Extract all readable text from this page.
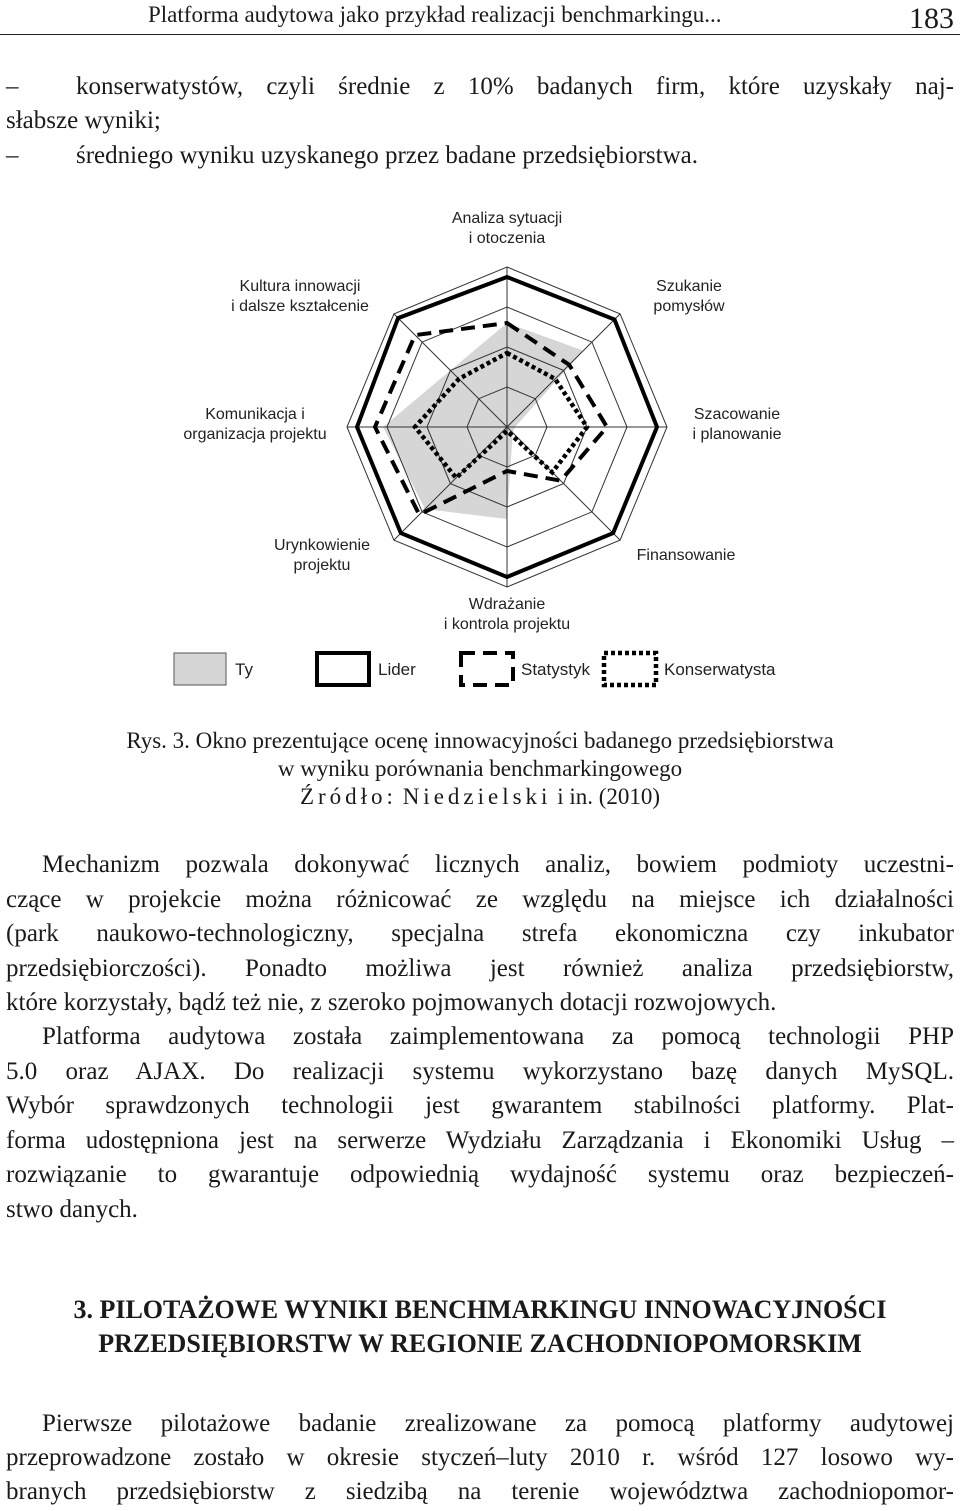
Platforma audytowa jako przykład realizacji benchmarkingu...	183
– konserwatystów, czyli średnie z 10% badanych firm, które uzyskały naj-
słabsze wyniki;
– średniego wyniku uzyskanego przez badane przedsiębiorstwa.
Analiza sytuacji
i otoczenia
Szukanie
pomysłów
Szacowanie
i planowanie
Finansowanie
Wdrażanie
i kontrola projektu
Urynkowienie
projektu
Komunikacja i
organizacja projektu
Kultura innowacji
i dalsze kształcenie
Ty	Lider	Statystyk	Konserwatysta
Rys. 3. Okno prezentujące ocenę innowacyjności badanego przedsiębiorstwa
w wyniku porównania benchmarkingowego
Źródło: Niedzielski i in. (2010)
Mechanizm pozwala dokonywać licznych analiz, bowiem podmioty uczestni-
czące w projekcie można różnicować ze względu na miejsce ich działalności
(park naukowo-technologiczny, specjalna strefa ekonomiczna czy inkubator
przedsiębiorczości). Ponadto możliwa jest również analiza przedsiębiorstw,
które korzystały, bądź też nie, z szeroko pojmowanych dotacji rozwojowych.
Platforma audytowa została zaimplementowana za pomocą technologii PHP
5.0 oraz AJAX. Do realizacji systemu wykorzystano bazę danych MySQL.
Wybór sprawdzonych technologii jest gwarantem stabilności platformy. Plat-
forma udostępniona jest na serwerze Wydziału Zarządzania i Ekonomiki Usług –
rozwiązanie to gwarantuje odpowiednią wydajność systemu oraz bezpieczeń-
stwo danych.
3. PILOTAŻOWE WYNIKI BENCHMARKINGU INNOWACYJNOŚCI
PRZEDSIĘBIORSTW W REGIONIE ZACHODNIOPOMORSKIM
Pierwsze pilotażowe badanie zrealizowane za pomocą platformy audytowej
przeprowadzone zostało w okresie styczeń–luty 2010 r. wśród 127 losowo wy-
branych przedsiębiorstw z siedzibą na terenie województwa zachodniopomor-
